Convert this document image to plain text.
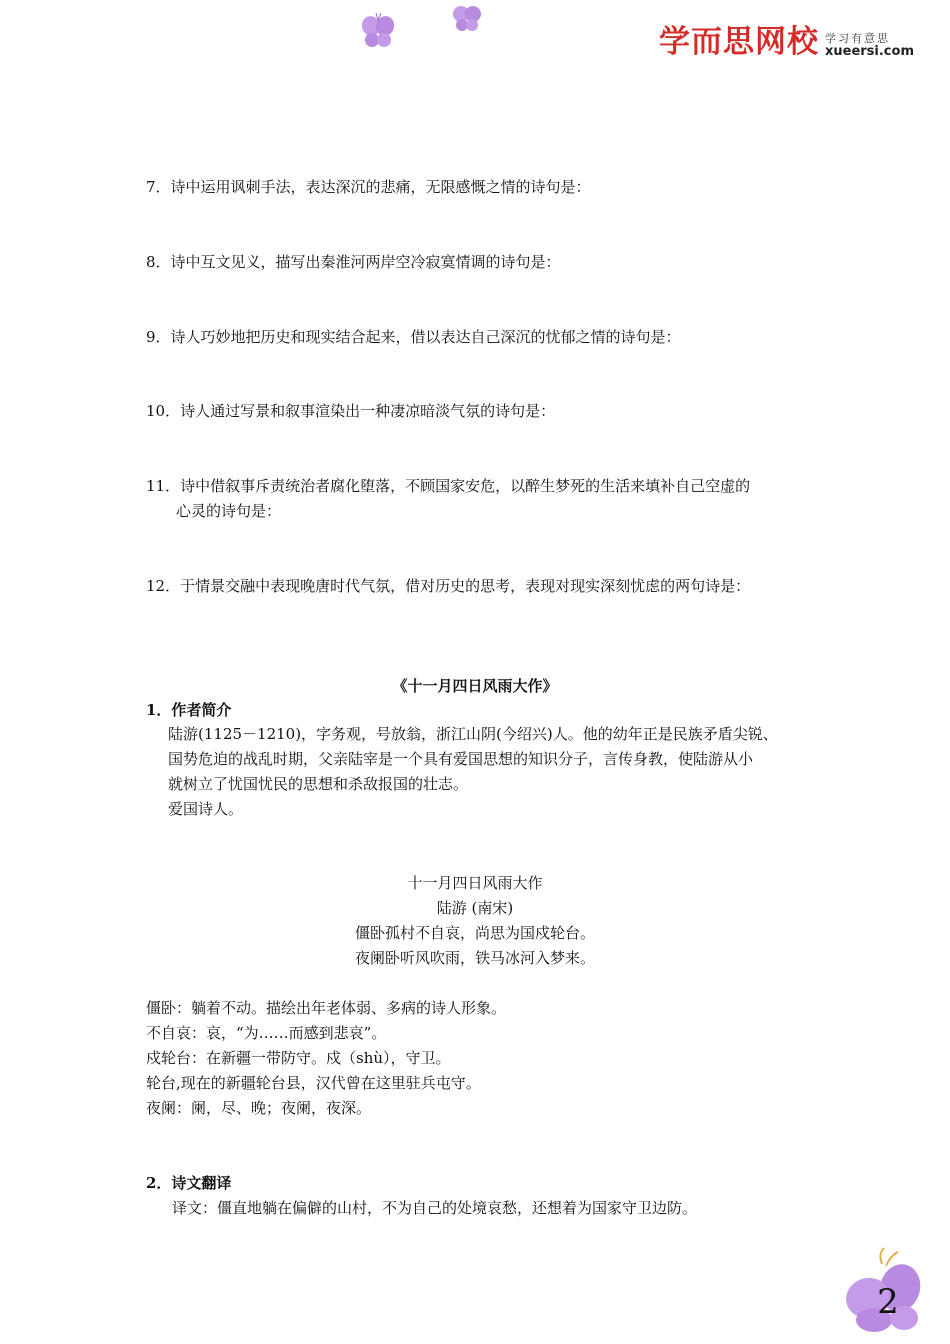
学而思网校 学习有意思
xueersi.com
7．诗中运用讽刺手法，表达深沉的悲痛，无限感慨之情的诗句是：
8．诗中互文见义，描写出秦淮河两岸空冷寂寞情调的诗句是：
9．诗人巧妙地把历史和现实结合起来，借以表达自己深沉的忧郁之情的诗句是：
10．诗人通过写景和叙事渲染出一种凄凉暗淡气氛的诗句是：
11．诗中借叙事斥责统治者腐化堕落，不顾国家安危，以醉生梦死的生活来填补自己空虚的
心灵的诗句是：
12．于情景交融中表现晚唐时代气氛，借对历史的思考，表现对现实深刻忧虑的两句诗是：
《十一月四日风雨大作》
1．作者简介
陆游(1125－1210)，字务观，号放翁，浙江山阴(今绍兴)人。他的幼年正是民族矛盾尖锐、
国势危迫的战乱时期，父亲陆宰是一个具有爱国思想的知识分子，言传身教，使陆游从小
就树立了忧国忧民的思想和杀敌报国的壮志。
爱国诗人。
十一月四日风雨大作
陆游 (南宋)
僵卧孤村不自哀，尚思为国戍轮台。
夜阑卧听风吹雨，铁马冰河入梦来。
僵卧：躺着不动。描绘出年老体弱、多病的诗人形象。
不自哀：哀，“为……而感到悲哀”。
戍轮台：在新疆一带防守。戍（shù），守卫。
轮台,现在的新疆轮台县，汉代曾在这里驻兵屯守。
夜阑：阑，尽、晚；夜阑，夜深。
2．诗文翻译
译文：僵直地躺在偏僻的山村，不为自己的处境哀愁，还想着为国家守卫边防。
2
